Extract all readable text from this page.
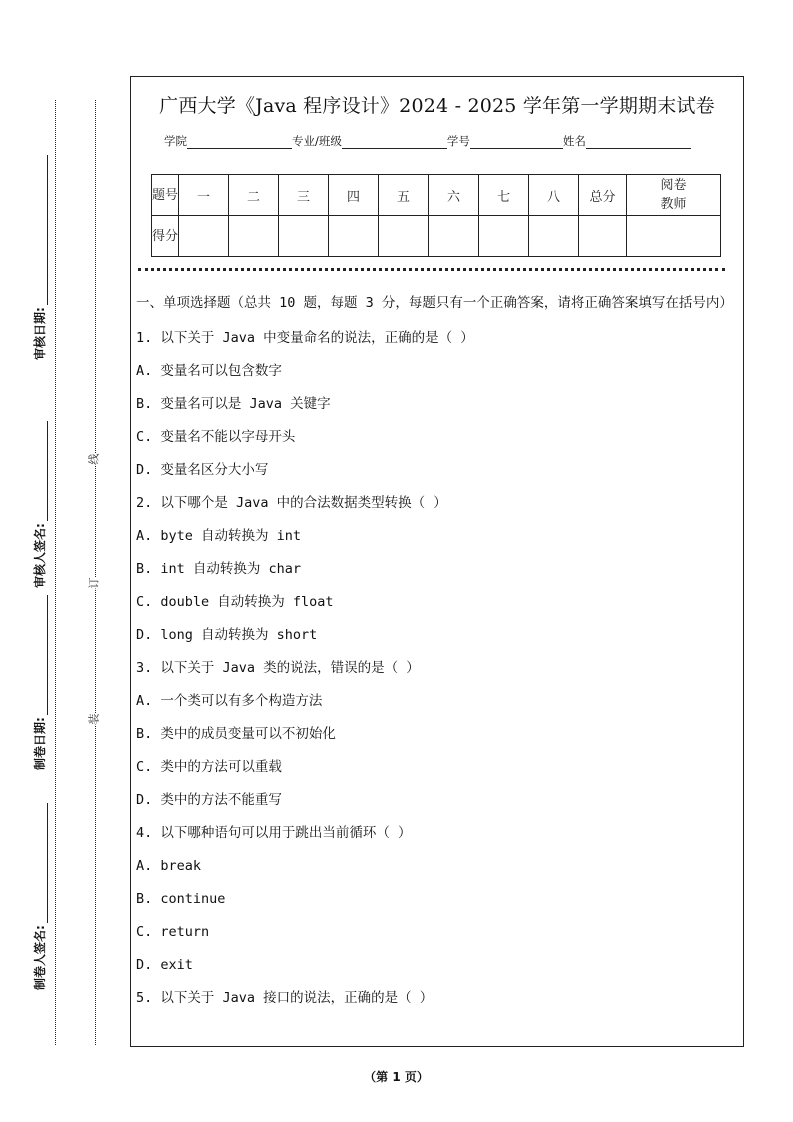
审核日期:
审核人签名:
制卷日期:
制卷人签名:
线
订
装
广西大学《Java 程序设计》2024 - 2025 学年第一学期期末试卷
学院	专业/班级	学号	姓名
题号	一	二	三	四	五	六	七	八	总分	阅卷教师
得分										
一、单项选择题（总共 10 题，每题 3 分，每题只有一个正确答案，请将正确答案填写在括号内）
1. 以下关于 Java 中变量命名的说法，正确的是（ ）
A. 变量名可以包含数字
B. 变量名可以是 Java 关键字
C. 变量名不能以字母开头
D. 变量名区分大小写
2. 以下哪个是 Java 中的合法数据类型转换（ ）
A. byte 自动转换为 int
B. int 自动转换为 char
C. double 自动转换为 float
D. long 自动转换为 short
3. 以下关于 Java 类的说法，错误的是（ ）
A. 一个类可以有多个构造方法
B. 类中的成员变量可以不初始化
C. 类中的方法可以重载
D. 类中的方法不能重写
4. 以下哪种语句可以用于跳出当前循环（ ）
A. break
B. continue
C. return
D. exit
5. 以下关于 Java 接口的说法，正确的是（ ）
（第 1 页）
